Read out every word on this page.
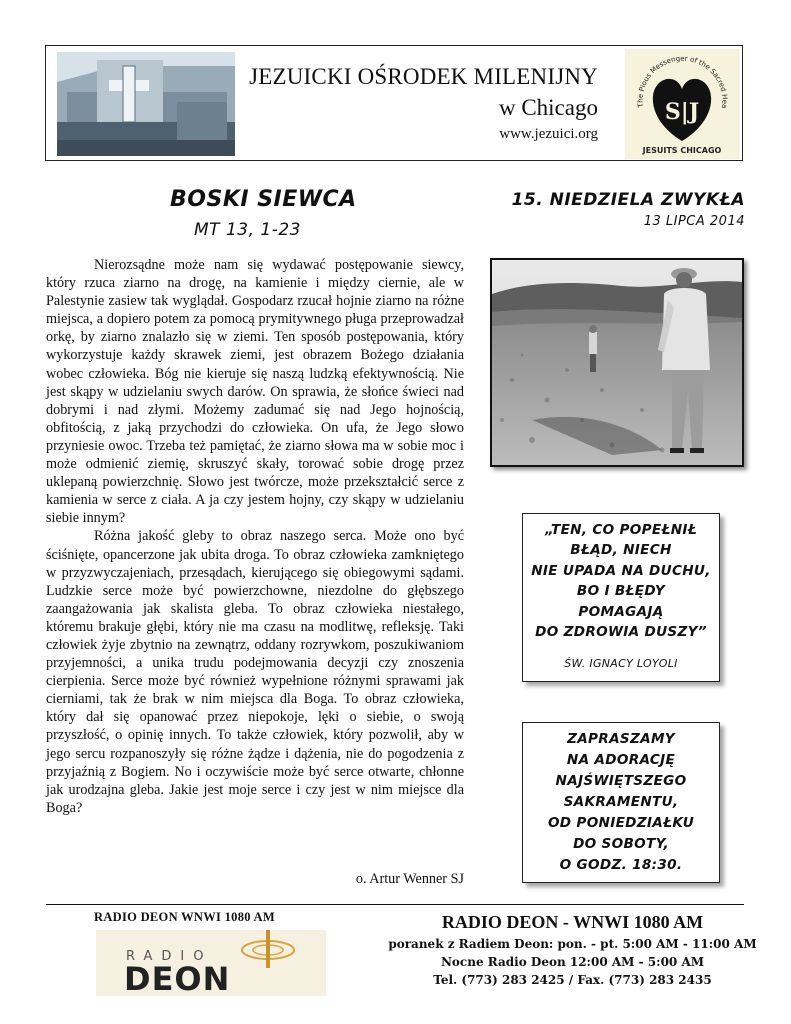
JEZUICKI OŚRODEK MILENIJNY
w Chicago
www.jezuici.org
The Pious Messenger of the Sacred Hea
S|J
JESUITS CHICAGO
BOSKI SIEWCA
MT 13, 1-23
15. NIEDZIELA ZWYKŁA
13 LIPCA 2014

Nierozsądne może nam się wydawać postępowanie siewcy, który rzuca ziarno na drogę, na kamienie i między ciernie, ale w Palestynie zasiew tak wyglądał. Gospodarz rzucał hojnie ziarno na różne miejsca, a dopiero potem za pomocą prymitywnego pługa przeprowadzał orkę, by ziarno znalazło się w ziemi. Ten sposób postępowania, który wykorzystuje każdy skrawek ziemi, jest obrazem Bożego działania wobec człowieka. Bóg nie kieruje się naszą ludzką efektywnością. Nie jest skąpy w udzielaniu swych darów. On sprawia, że słońce świeci nad dobrymi i nad złymi. Możemy zadumać się nad Jego hojnością, obfitością, z jaką przychodzi do człowieka. On ufa, że Jego słowo przyniesie owoc. Trzeba też pamiętać, że ziarno słowa ma w sobie moc i może odmienić ziemię, skruszyć skały, torować sobie drogę przez uklepaną powierzchnię. Słowo jest twórcze, może przekształcić serce z kamienia w serce z ciała. A ja czy jestem hojny, czy skąpy w udzielaniu siebie innym?

Różna jakość gleby to obraz naszego serca. Może ono być ściśnięte, opancerzone jak ubita droga. To obraz człowieka zamkniętego w przyzwyczajeniach, przesądach, kierującego się obiegowymi sądami. Ludzkie serce może być powierzchowne, niezdolne do głębszego zaangażowania jak skalista gleba. To obraz człowieka niestałego, któremu brakuje głębi, który nie ma czasu na modlitwę, refleksję. Taki człowiek żyje zbytnio na zewnątrz, oddany rozrywkom, poszukiwaniom przyjemności, a unika trudu podejmowania decyzji czy znoszenia cierpienia. Serce może być również wypełnione różnymi sprawami jak cierniami, tak że brak w nim miejsca dla Boga. To obraz człowieka, który dał się opanować przez niepokoje, lęki o siebie, o swoją przyszłość, o opinię innych. To także człowiek, który pozwolił, aby w jego sercu rozpanoszyły się różne żądze i dążenia, nie do pogodzenia z przyjaźnią z Bogiem. No i oczywiście może być serce otwarte, chłonne jak urodzajna gleba. Jakie jest moje serce i czy jest w nim miejsce dla Boga?

o. Artur Wenner SJ
„TEN, CO POPEŁNIŁ
BŁĄD, NIECH
NIE UPADA NA DUCHU,
BO I BŁĘDY
POMAGAJĄ
DO ZDROWIA DUSZY”
ŚW. IGNACY LOYOLI
ZAPRASZAMY
NA ADORACJĘ
NAJŚWIĘTSZEGO
SAKRAMENTU,
OD PONIEDZIAŁKU
DO SOBOTY,
O GODZ. 18:30.
RADIO DEON WNWI 1080 AM
RADIO
DEON
RADIO DEON - WNWI 1080 AM
poranek z Radiem Deon: pon. - pt. 5:00 AM - 11:00 AM
Nocne Radio Deon 12:00 AM - 5:00 AM
Tel. (773) 283 2425 / Fax. (773) 283 2435
